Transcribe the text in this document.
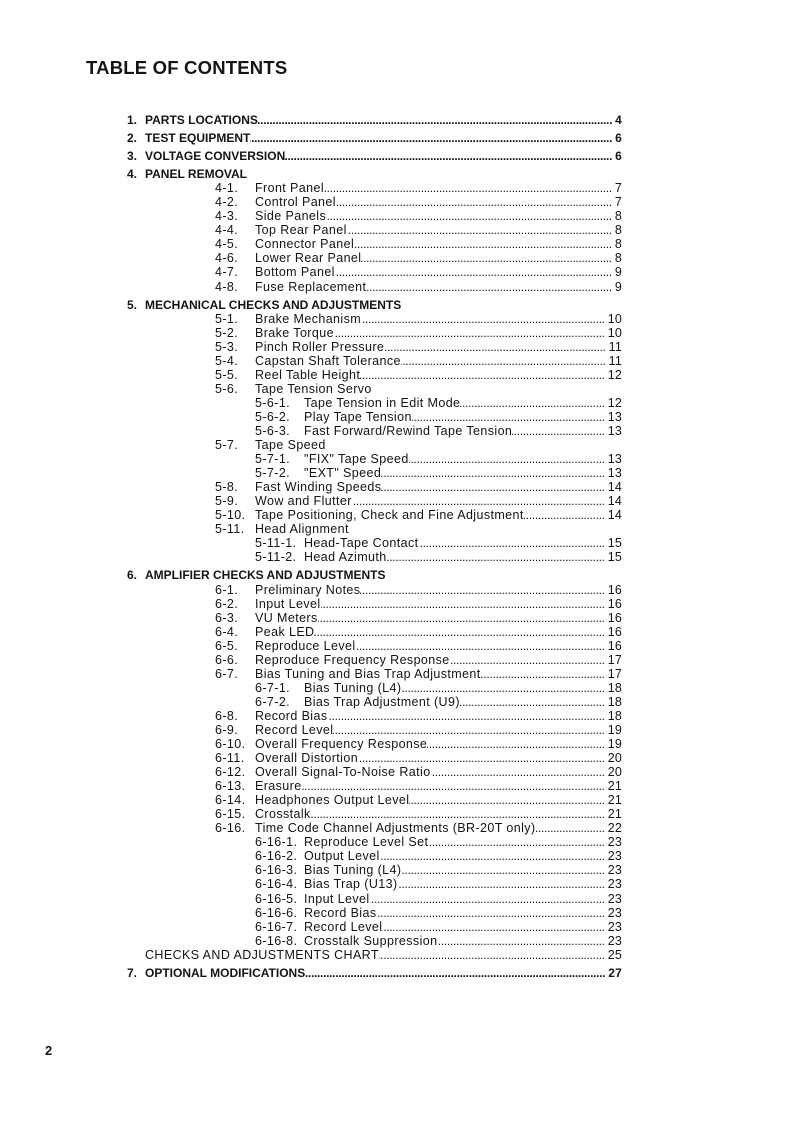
TABLE OF CONTENTS
1. PARTS LOCATIONS .....	4
2. TEST EQUIPMENT .....	6
3. VOLTAGE CONVERSION .....	6
4. PANEL REMOVAL
4-1.	Front Panel .....	7
4-2.	Control Panel .....	7
4-3.	Side Panels .....	8
4-4.	Top Rear Panel .....	8
4-5.	Connector Panel .....	8
4-6.	Lower Rear Panel .....	8
4-7.	Bottom Panel .....	9
4-8.	Fuse Replacement .....	9
5. MECHANICAL CHECKS AND ADJUSTMENTS
5-1.	Brake Mechanism .....	10
5-2.	Brake Torque .....	10
5-3.	Pinch Roller Pressure .....	11
5-4.	Capstan Shaft Tolerance .....	11
5-5.	Reel Table Height .....	12
5-6.	Tape Tension Servo
5-6-1.	Tape Tension in Edit Mode .....	12
5-6-2.	Play Tape Tension .....	13
5-6-3.	Fast Forward/Rewind Tape Tension .....	13
5-7.	Tape Speed
5-7-1.	"FIX" Tape Speed .....	13
5-7-2.	"EXT" Speed .....	13
5-8.	Fast Winding Speeds .....	14
5-9.	Wow and Flutter .....	14
5-10. Tape Positioning, Check and Fine Adjustment .....	14
5-11. Head Alignment
5-11-1. Head-Tape Contact .....	15
5-11-2. Head Azimuth .....	15
6. AMPLIFIER CHECKS AND ADJUSTMENTS
6-1.	Preliminary Notes .....	16
6-2.	Input Level .....	16
6-3.	VU Meters .....	16
6-4.	Peak LED .....	16
6-5.	Reproduce Level .....	16
6-6.	Reproduce Frequency Response .....	17
6-7.	Bias Tuning and Bias Trap Adjustment .....	17
6-7-1.	Bias Tuning (L4) .....	18
6-7-2.	Bias Trap Adjustment (U9) .....	18
6-8.	Record Bias .....	18
6-9.	Record Level .....	19
6-10. Overall Frequency Response .....	19
6-11. Overall Distortion .....	20
6-12. Overall Signal-To-Noise Ratio .....	20
6-13. Erasure .....	21
6-14. Headphones Output Level .....	21
6-15. Crosstalk .....	21
6-16. Time Code Channel Adjustments (BR-20T only) .....	22
6-16-1. Reproduce Level Set .....	23
6-16-2. Output Level .....	23
6-16-3. Bias Tuning (L4) .....	23
6-16-4. Bias Trap (U13) .....	23
6-16-5. Input Level .....	23
6-16-6. Record Bias .....	23
6-16-7. Record Level .....	23
6-16-8. Crosstalk Suppression .....	23
CHECKS AND ADJUSTMENTS CHART .....	25
7. OPTIONAL MODIFICATIONS .....	27
2
